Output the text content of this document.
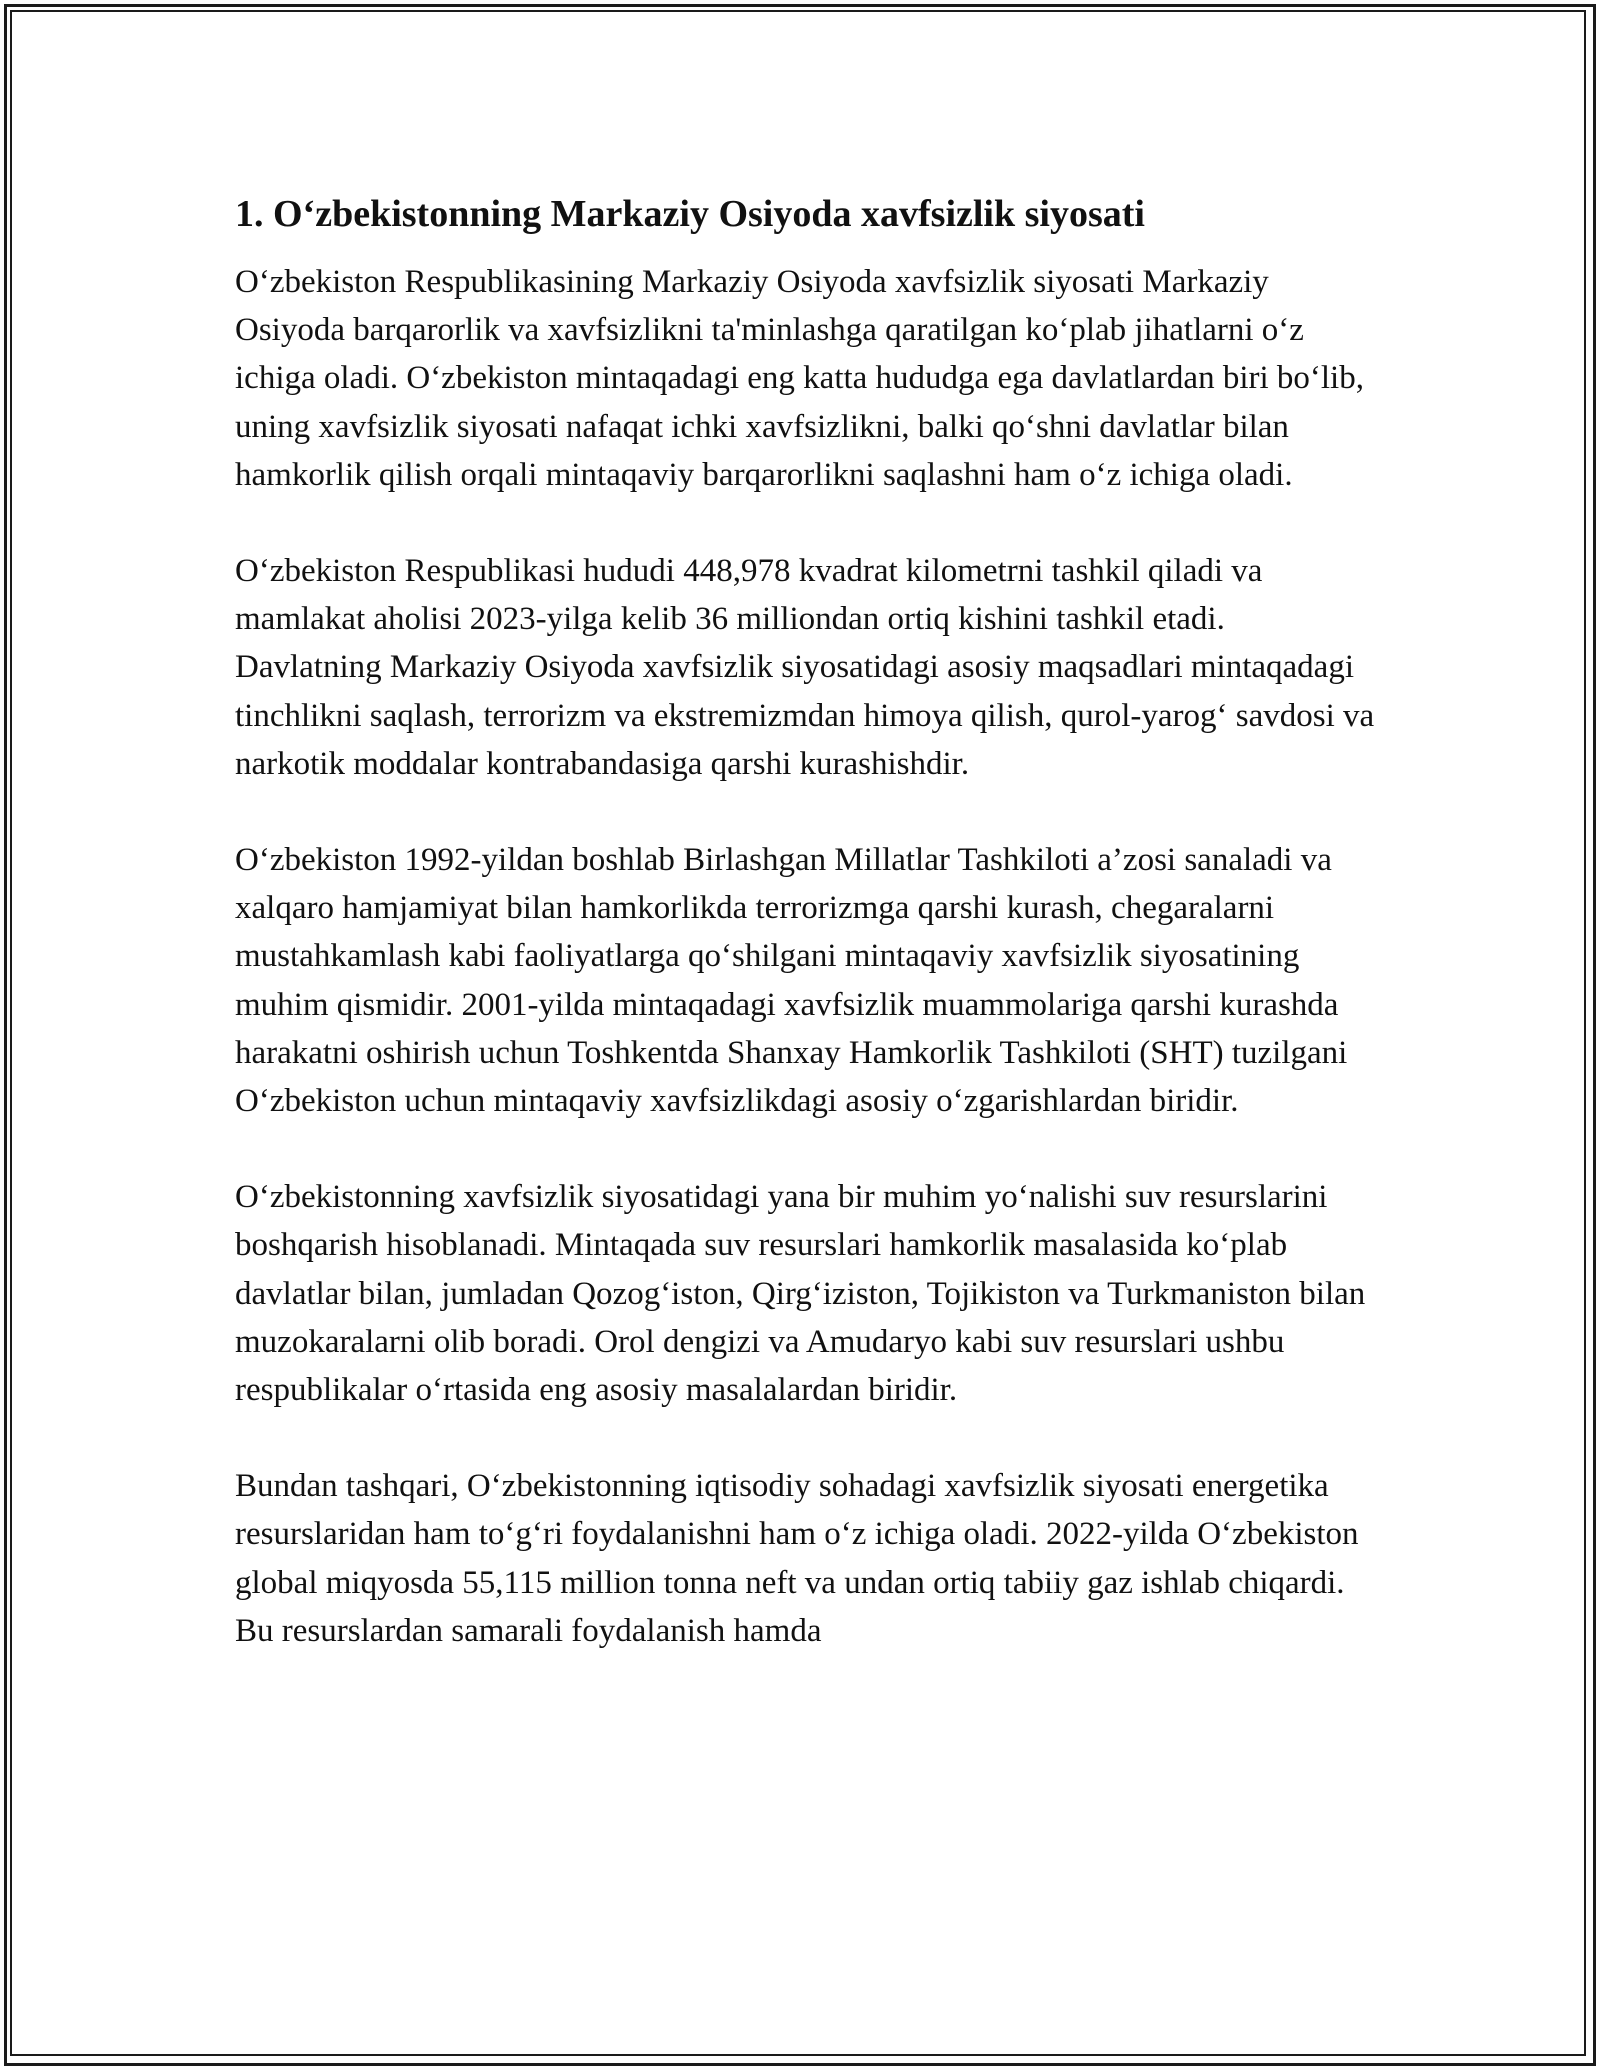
1. O‘zbekistonning Markaziy Osiyoda xavfsizlik siyosati

O‘zbekiston Respublikasining Markaziy Osiyoda xavfsizlik siyosati Markaziy Osiyoda barqarorlik va xavfsizlikni ta'minlashga qaratilgan ko‘plab jihatlarni o‘z ichiga oladi. O‘zbekiston mintaqadagi eng katta hududga ega davlatlardan biri bo‘lib, uning xavfsizlik siyosati nafaqat ichki xavfsizlikni, balki qo‘shni davlatlar bilan hamkorlik qilish orqali mintaqaviy barqarorlikni saqlashni ham o‘z ichiga oladi.

O‘zbekiston Respublikasi hududi 448,978 kvadrat kilometrni tashkil qiladi va mamlakat aholisi 2023-yilga kelib 36 milliondan ortiq kishini tashkil etadi. Davlatning Markaziy Osiyoda xavfsizlik siyosatidagi asosiy maqsadlari mintaqadagi tinchlikni saqlash, terrorizm va ekstremizmdan himoya qilish, qurol-yarog‘ savdosi va narkotik moddalar kontrabandasiga qarshi kurashishdir.

O‘zbekiston 1992-yildan boshlab Birlashgan Millatlar Tashkiloti a’zosi sanaladi va xalqaro hamjamiyat bilan hamkorlikda terrorizmga qarshi kurash, chegaralarni mustahkamlash kabi faoliyatlarga qo‘shilgani mintaqaviy xavfsizlik siyosatining muhim qismidir. 2001-yilda mintaqadagi xavfsizlik muammolariga qarshi kurashda harakatni oshirish uchun Toshkentda Shanxay Hamkorlik Tashkiloti (SHT) tuzilgani O‘zbekiston uchun mintaqaviy xavfsizlikdagi asosiy o‘zgarishlardan biridir.

O‘zbekistonning xavfsizlik siyosatidagi yana bir muhim yo‘nalishi suv resurslarini boshqarish hisoblanadi. Mintaqada suv resurslari hamkorlik masalasida ko‘plab davlatlar bilan, jumladan Qozog‘iston, Qirg‘iziston, Tojikiston va Turkmaniston bilan muzokaralarni olib boradi. Orol dengizi va Amudaryo kabi suv resurslari ushbu respublikalar o‘rtasida eng asosiy masalalardan biridir.

Bundan tashqari, O‘zbekistonning iqtisodiy sohadagi xavfsizlik siyosati energetika resurslaridan ham to‘g‘ri foydalanishni ham o‘z ichiga oladi. 2022-yilda O‘zbekiston global miqyosda 55,115 million tonna neft va undan ortiq tabiiy gaz ishlab chiqardi. Bu resurslardan samarali foydalanish hamda
